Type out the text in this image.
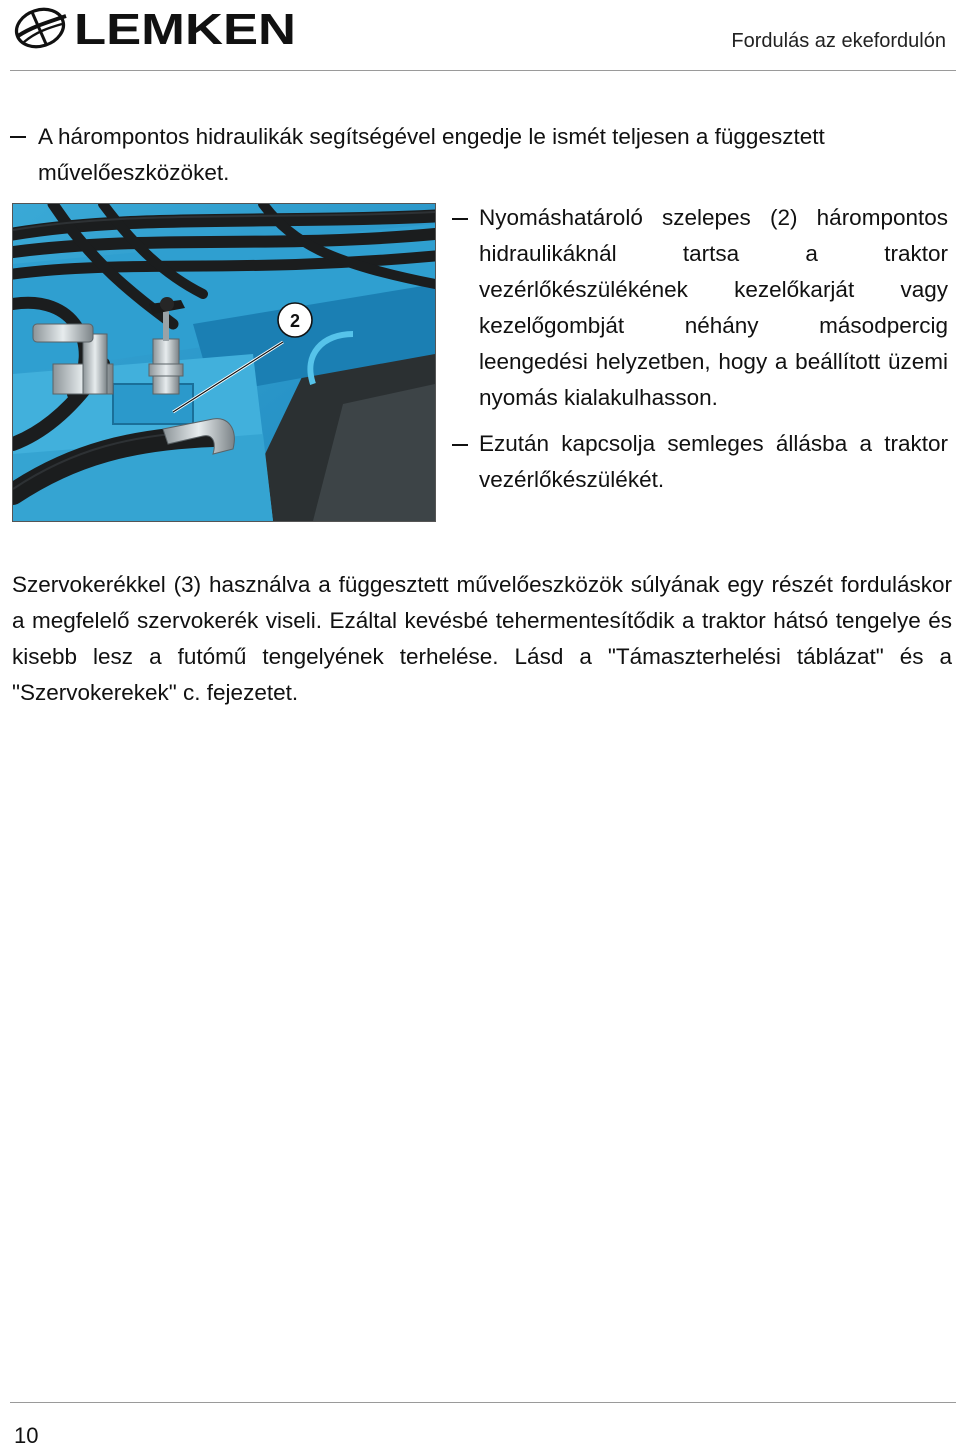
LEMKEN	Fordulás az ekefordulón
A hárompontos hidraulikák segítségével engedje le ismét teljesen a függesztett művelőeszközöket.
2
Nyomáshatároló szelepes (2) hárompontos hidraulikáknál tartsa a traktor vezérlőkészülékének kezelőkarját vagy kezelőgombját néhány másodpercig leengedési helyzetben, hogy a beállított üzemi nyomás kialakulhasson.
Ezután kapcsolja semleges állásba a traktor vezérlőkészülékét.
Szervokerékkel (3) használva a függesztett művelőeszközök súlyának egy részét forduláskor a megfelelő szervokerék viseli. Ezáltal kevésbé tehermentesítődik a traktor hátsó tengelye és kisebb lesz a futómű tengelyének terhelése. Lásd a "Támaszterhelési táblázat" és a "Szervokerekek" c. fejezetet.
10
